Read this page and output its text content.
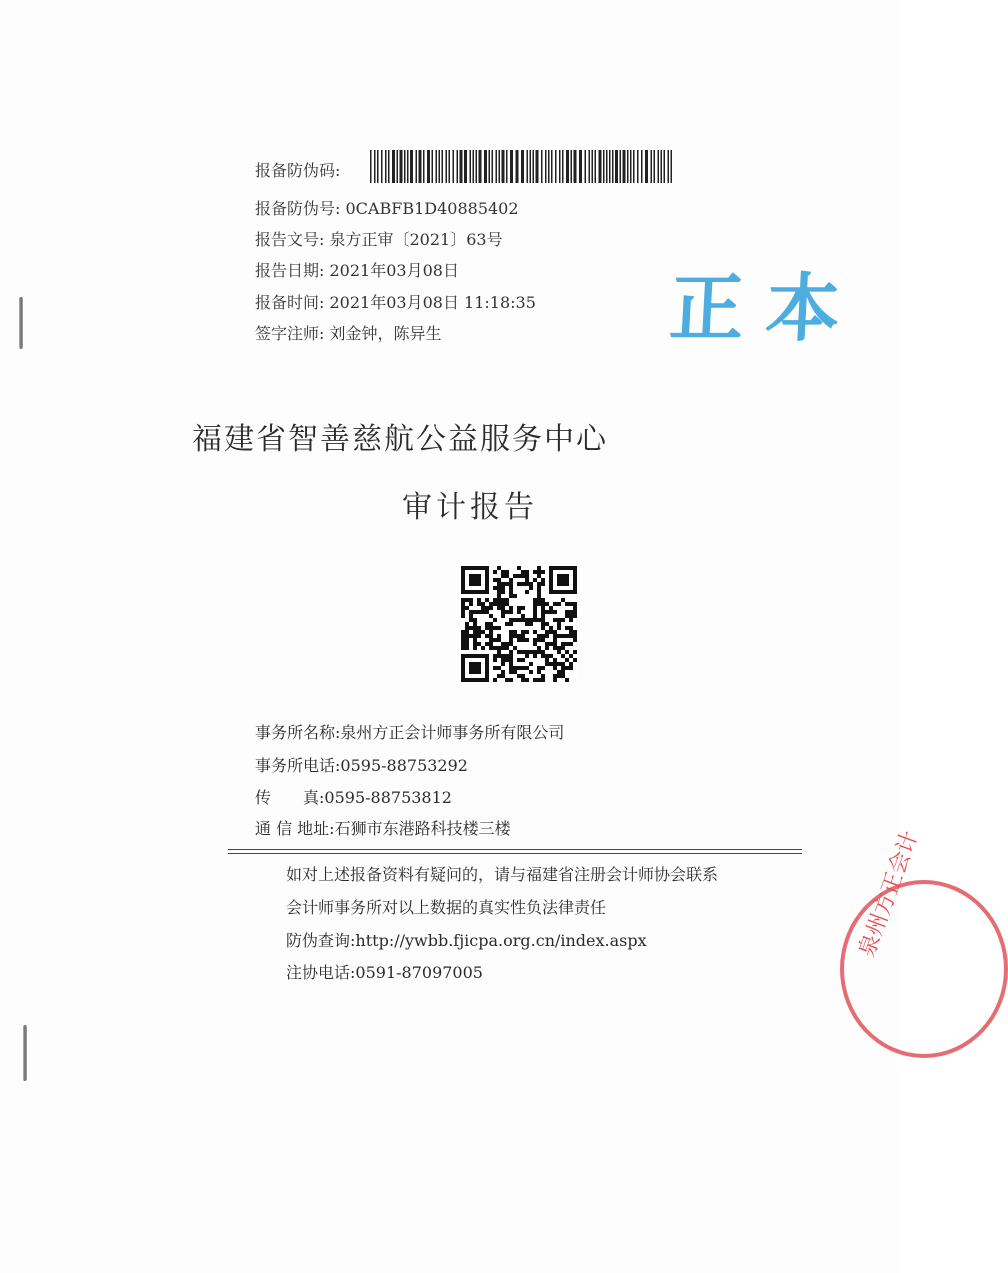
报备防伪码:
报备防伪号: 0CABFB1D40885402
报告文号: 泉方正审〔2021〕63号
报告日期: 2021年03月08日
报备时间: 2021年03月08日 11:18:35
签字注师: 刘金钟，陈异生	正本
福建省智善慈航公益服务中心
审计报告
事务所名称:泉州方正会计师事务所有限公司
事务所电话:0595-88753292
传　　真:0595-88753812
通 信 地址:石狮市东港路科技楼三楼
如对上述报备资料有疑问的，请与福建省注册会计师协会联系
会计师事务所对以上数据的真实性负法律责任
防伪查询:http://ywbb.fjicpa.org.cn/index.aspx
注协电话:0591-87097005
泉州方正会计
